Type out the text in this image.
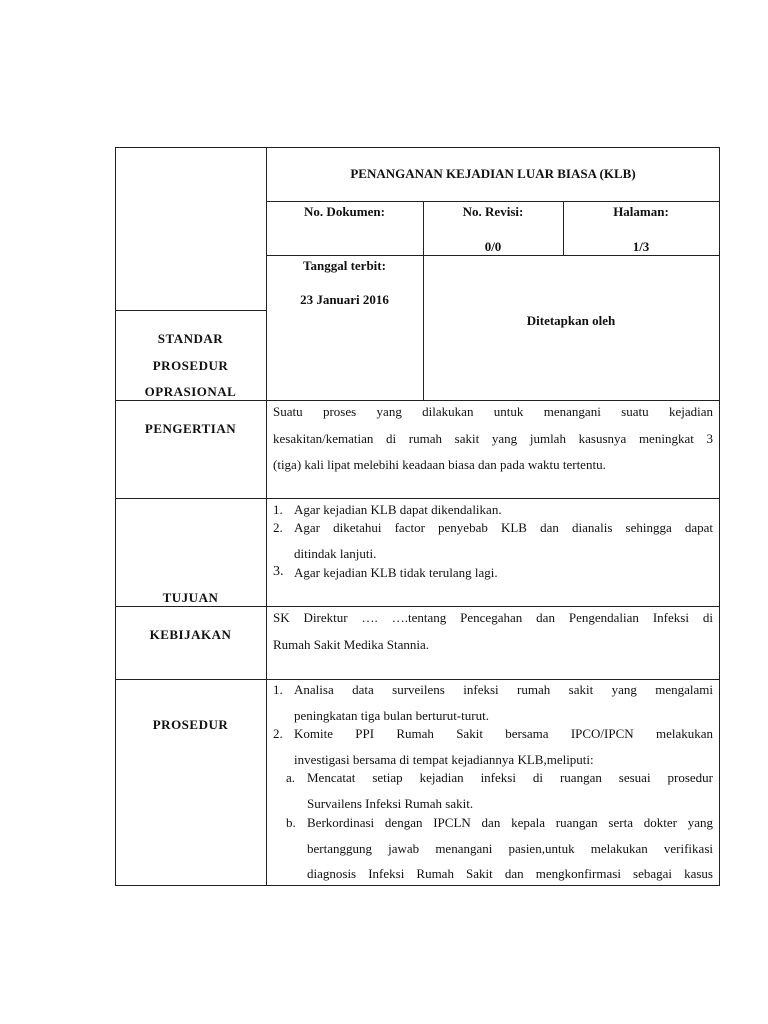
PENANGANAN KEJADIAN LUAR BIASA (KLB)
No. Dokumen:	No. Revisi:
0/0
Halaman:
1/3
Tanggal terbit:
23 Januari 2016
Ditetapkan oleh
STANDAR
PROSEDUR
OPRASIONAL
PENGERTIAN
Suatu proses yang dilakukan untuk menangani suatu kejadian
kesakitan/kematian di rumah sakit yang jumlah kasusnya meningkat 3
(tiga) kali lipat melebihi keadaan biasa dan pada waktu tertentu.
TUJUAN
1. Agar kejadian KLB dapat dikendalikan.
2. Agar diketahui factor penyebab KLB dan dianalis sehingga dapat
ditindak lanjuti.
3. Agar kejadian KLB tidak terulang lagi.
KEBIJAKAN
SK Direktur …. ….tentang Pencegahan dan Pengendalian Infeksi di
Rumah Sakit Medika Stannia.
PROSEDUR
1. Analisa data surveilens infeksi rumah sakit yang mengalami
peningkatan tiga bulan berturut-turut.
2. Komite PPI Rumah Sakit bersama IPCO/IPCN melakukan
investigasi bersama di tempat kejadiannya KLB,meliputi:
a. Mencatat setiap kejadian infeksi di ruangan sesuai prosedur
Survailens Infeksi Rumah sakit.
b. Berkordinasi dengan IPCLN dan kepala ruangan serta dokter yang
bertanggung jawab menangani pasien,untuk melakukan verifikasi
diagnosis Infeksi Rumah Sakit dan mengkonfirmasi sebagai kasus
